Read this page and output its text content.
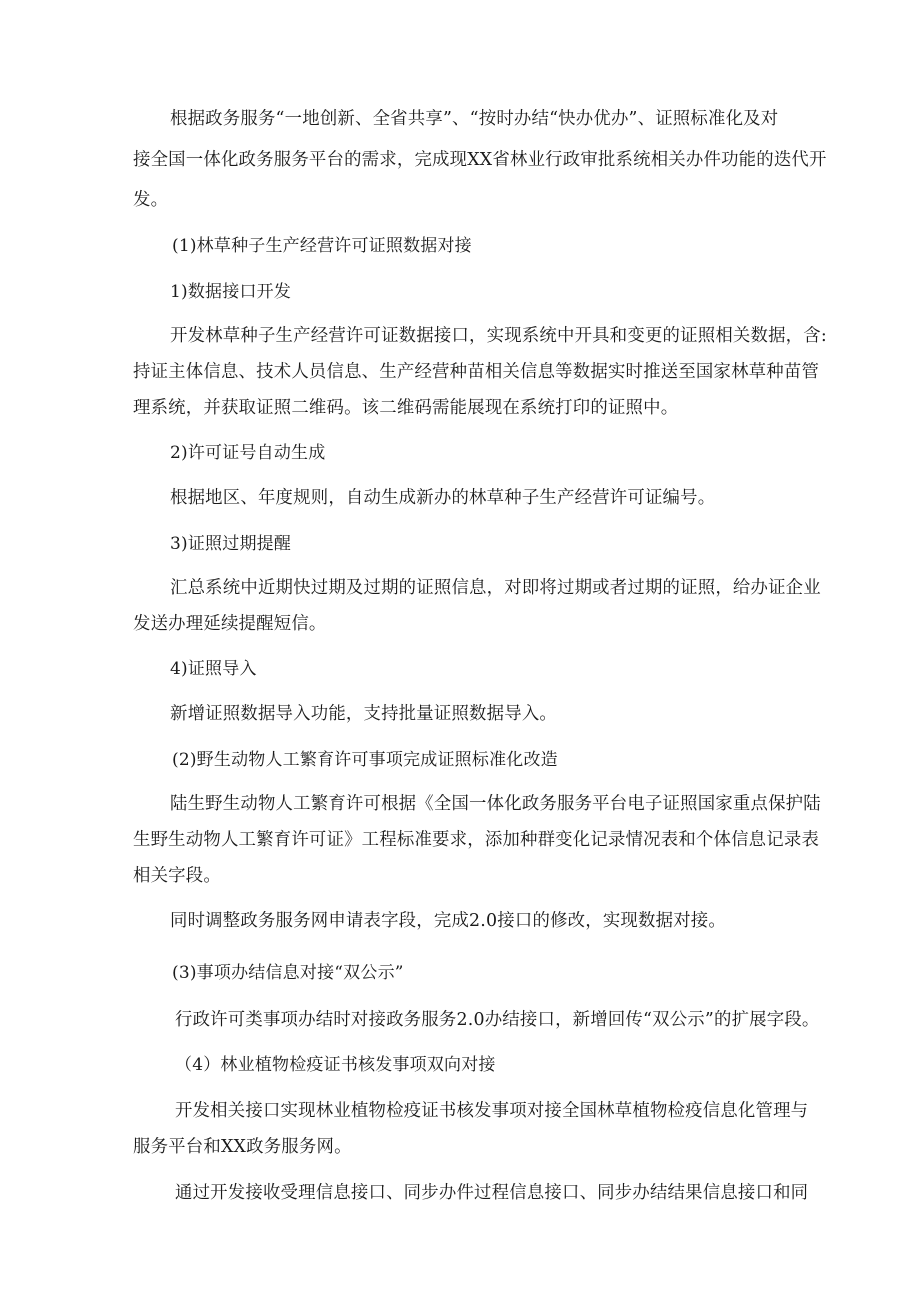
根据政务服务“一地创新、全省共享”、“按时办结“快办优办”、证照标准化及对
接全国一体化政务服务平台的需求，完成现XX省林业行政审批系统相关办件功能的迭代开
发。
(1)林草种子生产经营许可证照数据对接
1)数据接口开发
开发林草种子生产经营许可证数据接口，实现系统中开具和变更的证照相关数据，含:
持证主体信息、技术人员信息、生产经营种苗相关信息等数据实时推送至国家林草种苗管
理系统，并获取证照二维码。该二维码需能展现在系统打印的证照中。
2)许可证号自动生成
根据地区、年度规则，自动生成新办的林草种子生产经营许可证编号。
3)证照过期提醒
汇总系统中近期快过期及过期的证照信息，对即将过期或者过期的证照，给办证企业
发送办理延续提醒短信。
4)证照导入
新增证照数据导入功能，支持批量证照数据导入。
(2)野生动物人工繁育许可事项完成证照标准化改造
陆生野生动物人工繁育许可根据《全国一体化政务服务平台电子证照国家重点保护陆
生野生动物人工繁育许可证》工程标准要求，添加种群变化记录情况表和个体信息记录表
相关字段。
同时调整政务服务网申请表字段，完成2.0接口的修改，实现数据对接。
(3)事项办结信息对接“双公示”
行政许可类事项办结时对接政务服务2.0办结接口，新增回传“双公示”的扩展字段。
（4）林业植物检疫证书核发事项双向对接
开发相关接口实现林业植物检疫证书核发事项对接全国林草植物检疫信息化管理与
服务平台和XX政务服务网。
通过开发接收受理信息接口、同步办件过程信息接口、同步办结结果信息接口和同
